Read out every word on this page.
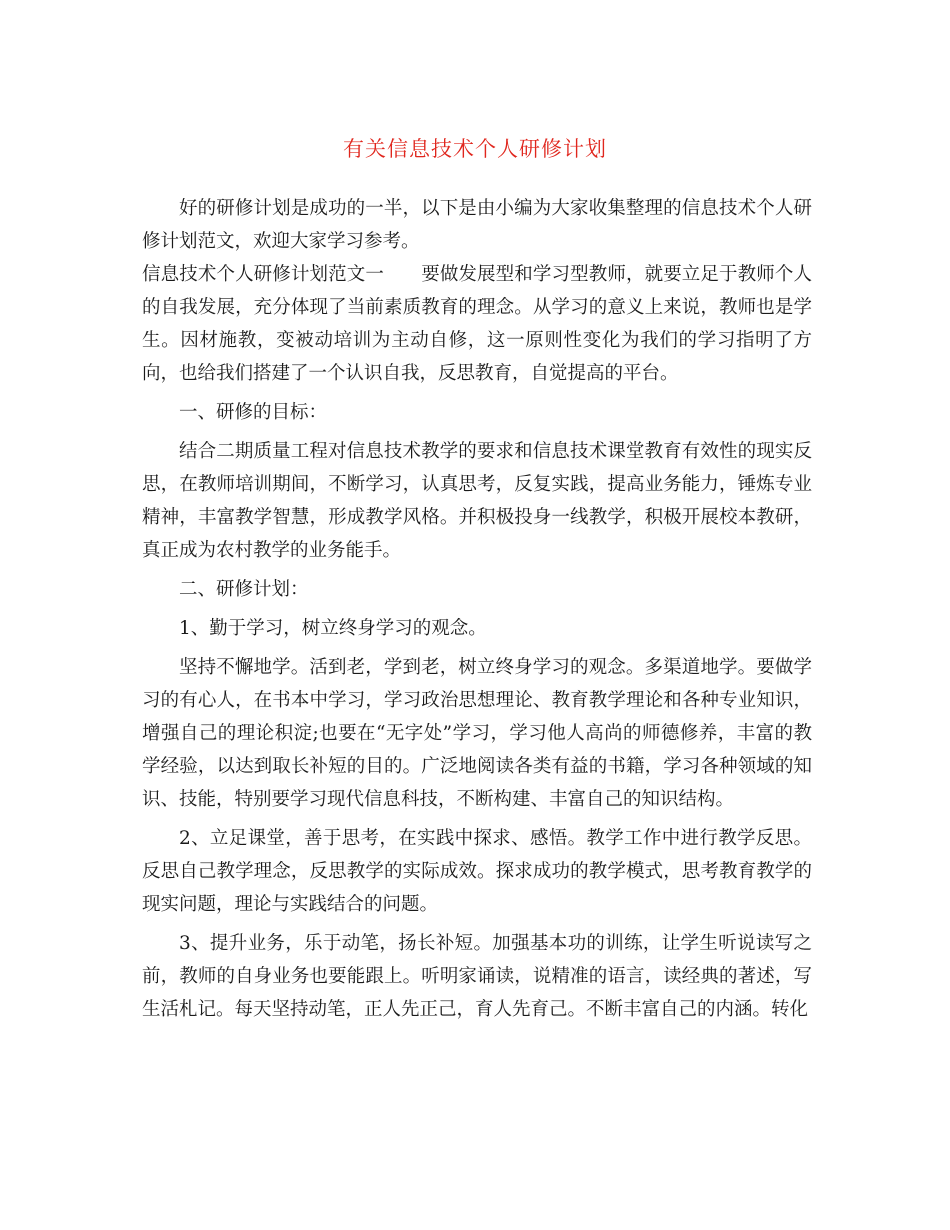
有关信息技术个人研修计划

好的研修计划是成功的一半，以下是由小编为大家收集整理的信息技术个人研修计划范文，欢迎大家学习参考。

信息技术个人研修计划范文一　　要做发展型和学习型教师，就要立足于教师个人的自我发展，充分体现了当前素质教育的理念。从学习的意义上来说，教师也是学生。因材施教，变被动培训为主动自修，这一原则性变化为我们的学习指明了方向，也给我们搭建了一个认识自我，反思教育，自觉提高的平台。

一、研修的目标：

结合二期质量工程对信息技术教学的要求和信息技术课堂教育有效性的现实反思，在教师培训期间，不断学习，认真思考，反复实践，提高业务能力，锤炼专业精神，丰富教学智慧，形成教学风格。并积极投身一线教学，积极开展校本教研，真正成为农村教学的业务能手。

二、研修计划：

1、勤于学习，树立终身学习的观念。

坚持不懈地学。活到老，学到老，树立终身学习的观念。多渠道地学。要做学习的有心人，在书本中学习，学习政治思想理论、教育教学理论和各种专业知识，增强自己的理论积淀;也要在“无字处”学习，学习他人高尚的师德修养，丰富的教学经验，以达到取长补短的目的。广泛地阅读各类有益的书籍，学习各种领域的知识、技能，特别要学习现代信息科技，不断构建、丰富自己的知识结构。

2、立足课堂，善于思考，在实践中探求、感悟。教学工作中进行教学反思。反思自己教学理念，反思教学的实际成效。探求成功的教学模式，思考教育教学的现实问题，理论与实践结合的问题。

3、提升业务，乐于动笔，扬长补短。加强基本功的训练，让学生听说读写之前，教师的自身业务也要能跟上。听明家诵读，说精准的语言，读经典的著述，写生活札记。每天坚持动笔，正人先正己，育人先育己。不断丰富自己的内涵。转化
